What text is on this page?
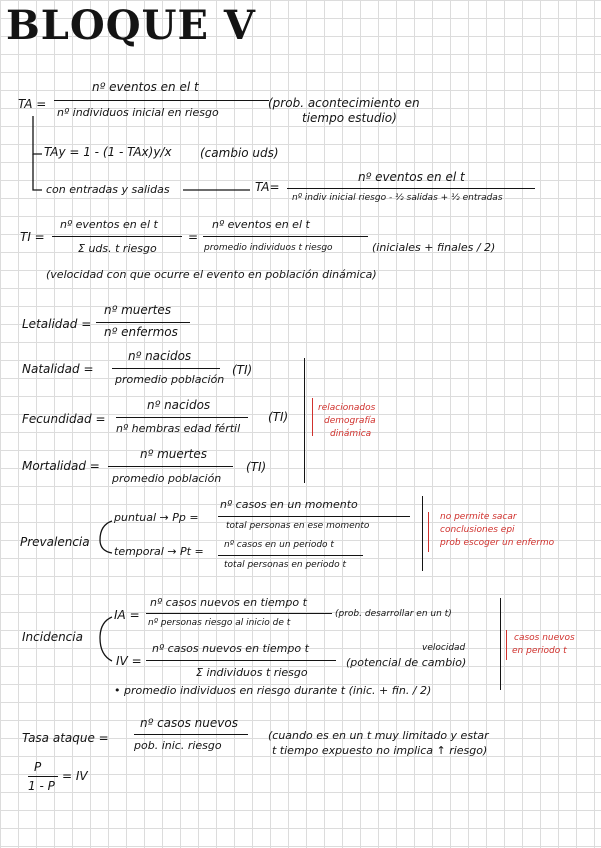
BLOQUE V
TA =
nº eventos en el t
nº individuos inicial en riesgo
(prob. acontecimiento en
tiempo estudio)
TAy = 1 - (1 - TAx)y/x (cambio uds)
con entradas y salidas	TA=
nº eventos en el t
nº indiv inicial riesgo - ½ salidas + ½ entradas
TI =
nº eventos en el t
Σ uds. t riesgo
=
nº eventos en el t
promedio individuos t riesgo	(iniciales + finales / 2)
(velocidad con que ocurre el evento en población dinámica)
Letalidad =
nº muertes
nº enfermos
Natalidad =
nº nacidos
promedio población
(TI)
Fecundidad =
nº nacidos
nº hembras edad fértil
(TI)
Mortalidad =
nº muertes
promedio población
(TI)
relacionados
demografía
dinámica
Prevalencia
puntual → Pp =
nº casos en un momento
total personas en ese momento
temporal → Pt = nº casos en un periodo t
total personas en periodo t
no permite sacar
conclusiones epi
prob escoger un enfermo
Incidencia
IA =
nº casos nuevos en tiempo t
nº personas riesgo al inicio de t
(prob. desarrollar en un t)
IV =
nº casos nuevos en tiempo t
Σ individuos t riesgo
velocidad
(potencial de cambio)
• promedio individuos en riesgo durante t (inic. + fin. / 2)
casos nuevos
en periodo t
Tasa ataque =
nº casos nuevos
pob. inic. riesgo
(cuando es en un t muy limitado y estar
t tiempo expuesto no implica ↑ riesgo)
P
1 - P
= IV
